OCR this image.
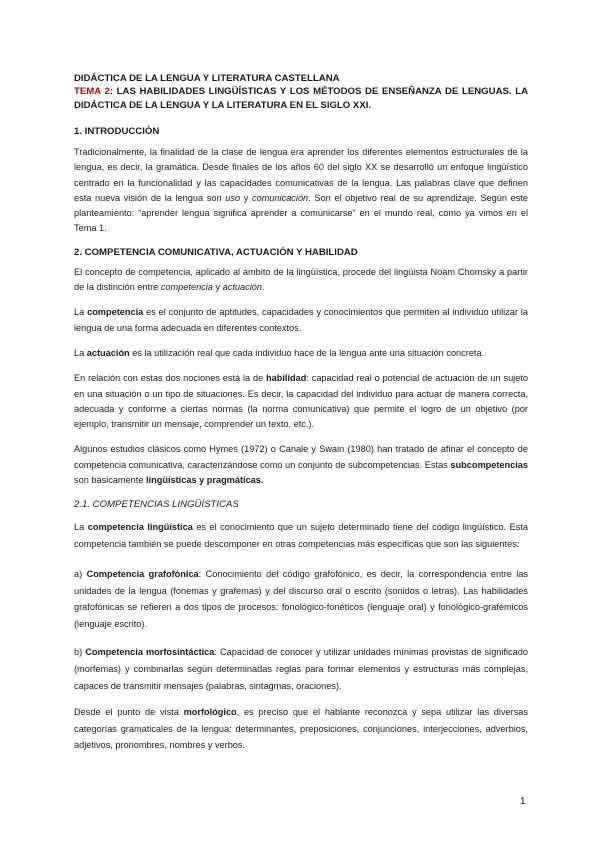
DIDÁCTICA DE LA LENGUA Y LITERATURA CASTELLANA
TEMA 2: LAS HABILIDADES LINGÜÍSTICAS Y LOS MÉTODOS DE ENSEÑANZA DE LENGUAS. LA DIDÁCTICA DE LA LENGUA Y LA LITERATURA EN EL SIGLO XXI.
1. INTRODUCCIÓN

Tradicionalmente, la finalidad de la clase de lengua era aprender los diferentes elementos estructurales de la lengua, es decir, la gramática. Desde finales de los años 60 del siglo XX se desarrolló un enfoque lingüístico centrado en la funcionalidad y las capacidades comunicativas de la lengua. Las palabras clave que definen esta nueva visión de la lengua son uso y comunicación. Son el objetivo real de su aprendizaje. Según este planteamiento: “aprender lengua significa aprender a comunicarse” en el mundo real, como ya vimos en el Tema 1.

2. COMPETENCIA COMUNICATIVA, ACTUACIÓN Y HABILIDAD

El concepto de competencia, aplicado al ámbito de la lingüística, procede del lingüista Noam Chomsky a partir de la distinción entre competencia y actuación.

La competencia es el conjunto de aptitudes, capacidades y conocimientos que permiten al individuo utilizar la lengua de una forma adecuada en diferentes contextos.

La actuación es la utilización real que cada individuo hace de la lengua ante una situación concreta.

En relación con estas dos nociones está la de habilidad: capacidad real o potencial de actuación de un sujeto en una situación o un tipo de situaciones. Es decir, la capacidad del individuo para actuar de manera correcta, adecuada y conforme a ciertas normas (la norma comunicativa) que permite el logro de un objetivo (por ejemplo, transmitir un mensaje, comprender un texto, etc.).

Algunos estudios clásicos como Hymes (1972) o Canale y Swain (1980) han tratado de afinar el concepto de competencia comunicativa, caracterizándose como un conjunto de subcompetencias. Estas subcompetencias son básicamente lingüísticas y pragmáticas.

2.1. COMPETENCIAS LINGÜÍSTICAS

La competencia lingüística es el conocimiento que un sujeto determinado tiene del código lingüístico. Esta competencia también se puede descomponer en otras competencias más específicas que son las siguientes:

a) Competencia grafofónica: Conocimiento del código grafofónico, es decir, la correspondencia entre las unidades de la lengua (fonemas y grafemas) y del discurso oral o escrito (sonidos o letras). Las habilidades grafofónicas se refieren a dos tipos de procesos: fonológico-fonéticos (lenguaje oral) y fonológico-grafémicos (lenguaje escrito).

b) Competencia morfosintáctica: Capacidad de conocer y utilizar unidades mínimas provistas de significado (morfemas) y combinarlas según determinadas reglas para formar elementos y estructuras más complejas, capaces de transmitir mensajes (palabras, sintagmas, oraciones).

Desde el punto de vista morfológico, es preciso que el hablante reconozca y sepa utilizar las diversas categorías gramaticales de la lengua: determinantes, preposiciones, conjunciones, interjecciones, adverbios, adjetivos, pronombres, nombres y verbos.

1
